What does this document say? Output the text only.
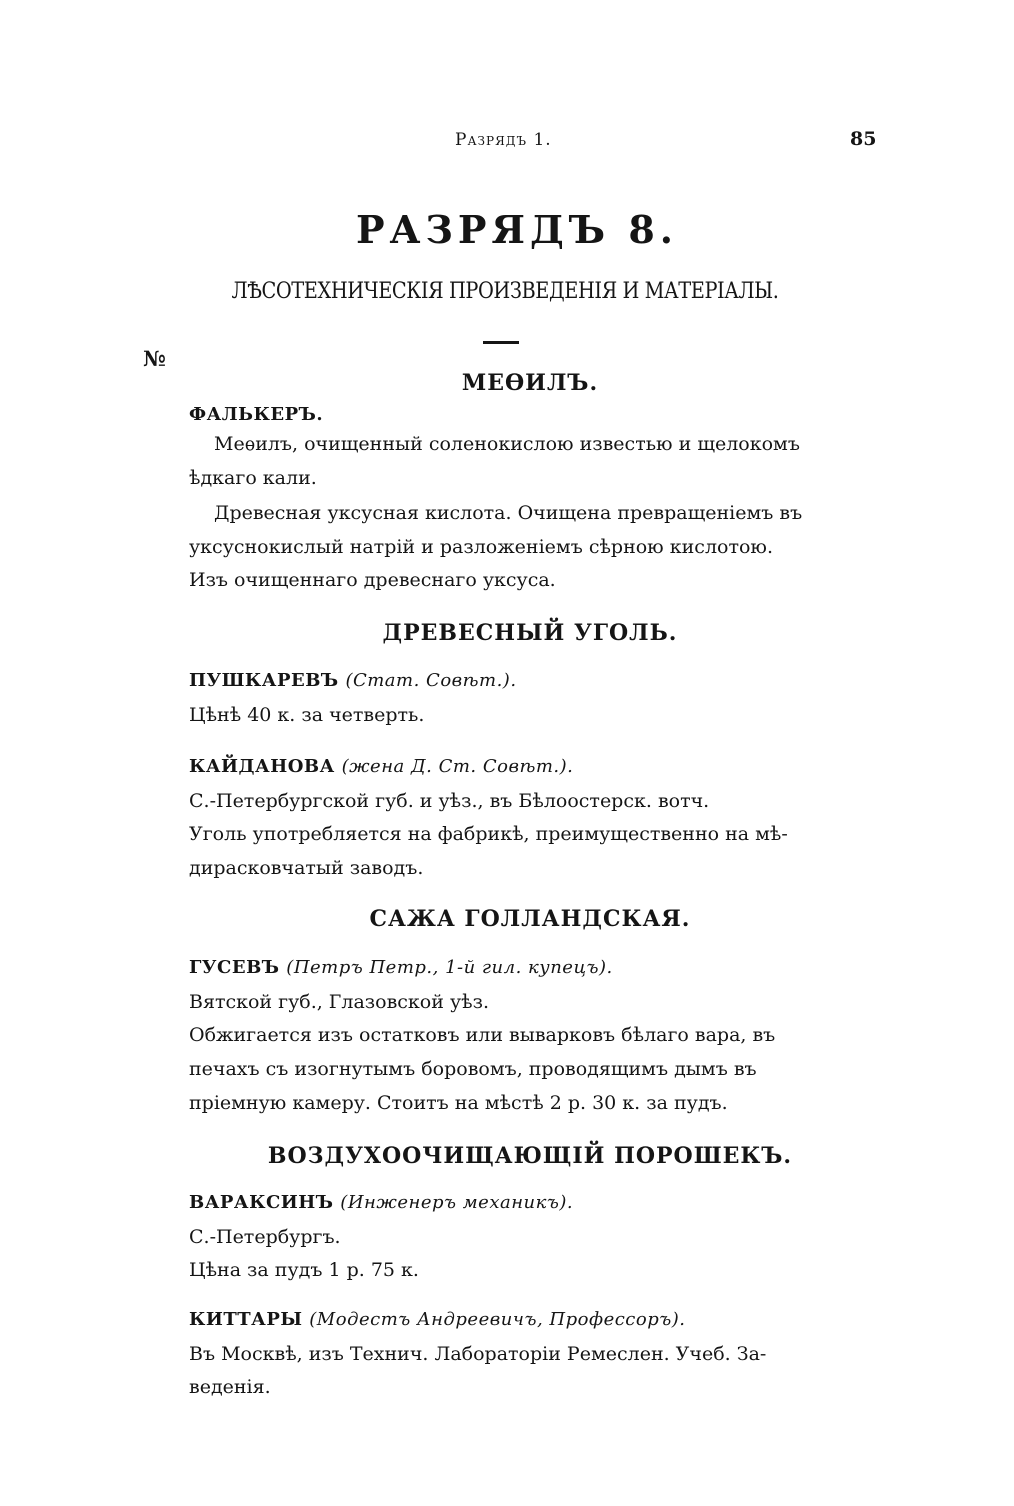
Разрядъ 1.	85
РАЗРЯДЪ 8.
ЛѢСОТЕХНИЧЕСКІЯ ПРОИЗВЕДЕНІЯ И МАТЕРІАЛЫ.
№
МЕѲИЛЪ.
ФАЛЬКЕРЪ.
Меѳилъ, очищенный соленокислою известью и щелокомъ
ѣдкаго кали.
Древесная уксусная кислота. Очищена превращеніемъ въ
уксуснокислый натрій и разложеніемъ сѣрною кислотою.
Изъ очищеннаго древеснаго уксуса.
ДРЕВЕСНЫЙ УГОЛЬ.
ПУШКАРЕВЪ (Стат. Совѣт.).
Цѣнѣ 40 к. за четверть.
КАЙДАНОВА (жена Д. Ст. Совѣт.).
С.-Петербургской губ. и уѣз., въ Бѣлоостерск. вотч.
Уголь употребляется на фабрикѣ, преимущественно на мѣ-
дирасковчатый заводъ.
САЖА ГОЛЛАНДСКАЯ.
ГУСЕВЪ (Петръ Петр., 1-й гил. купецъ).
Вятской губ., Глазовской уѣз.
Обжигается изъ остатковъ или выварковъ бѣлаго вара, въ
печахъ съ изогнутымъ боровомъ, проводящимъ дымъ въ
пріемную камеру. Стоитъ на мѣстѣ 2 р. 30 к. за пудъ.
ВОЗДУХООЧИЩАЮЩІЙ ПОРОШЕКЪ.
ВАРАКСИНЪ (Инженеръ механикъ).
С.-Петербургъ.
Цѣна за пудъ 1 р. 75 к.
КИТТАРЫ (Модестъ Андреевичъ, Профессоръ).
Въ Москвѣ, изъ Технич. Лабораторіи Ремеслен. Учеб. За-
веденія.
